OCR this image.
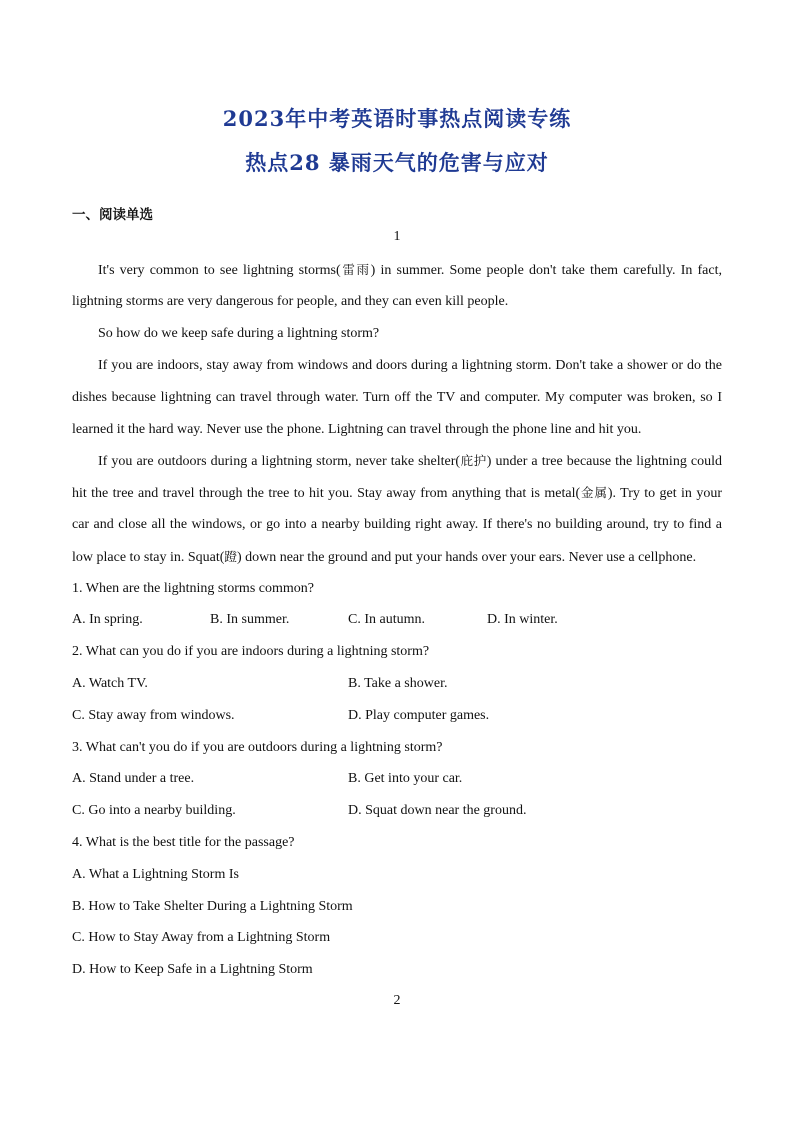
2023年中考英语时事热点阅读专练
热点28 暴雨天气的危害与应对
一、阅读单选
1
It's very common to see lightning storms(雷雨) in summer. Some people don't take them carefully. In fact,
lightning storms are very dangerous for people, and they can even kill people.
So how do we keep safe during a lightning storm?
If you are indoors, stay away from windows and doors during a lightning storm. Don't take a shower or do the
dishes because lightning can travel through water. Turn off the TV and computer. My computer was broken, so I
learned it the hard way. Never use the phone. Lightning can travel through the phone line and hit you.
If you are outdoors during a lightning storm, never take shelter(庇护) under a tree because the lightning could
hit the tree and travel through the tree to hit you. Stay away from anything that is metal(金属). Try to get in your
car and close all the windows, or go into a nearby building right away. If there's no building around, try to find a
low place to stay in. Squat(蹬) down near the ground and put your hands over your ears. Never use a cellphone.
1. When are the lightning storms common?
A. In spring.	B. In summer.	C. In autumn.	D. In winter.
2. What can you do if you are indoors during a lightning storm?
A. Watch TV.	B. Take a shower.
C. Stay away from windows.	D. Play computer games.
3. What can't you do if you are outdoors during a lightning storm?
A. Stand under a tree.	B. Get into your car.
C. Go into a nearby building.	D. Squat down near the ground.
4. What is the best title for the passage?
A. What a Lightning Storm Is
B. How to Take Shelter During a Lightning Storm
C. How to Stay Away from a Lightning Storm
D. How to Keep Safe in a Lightning Storm
2
